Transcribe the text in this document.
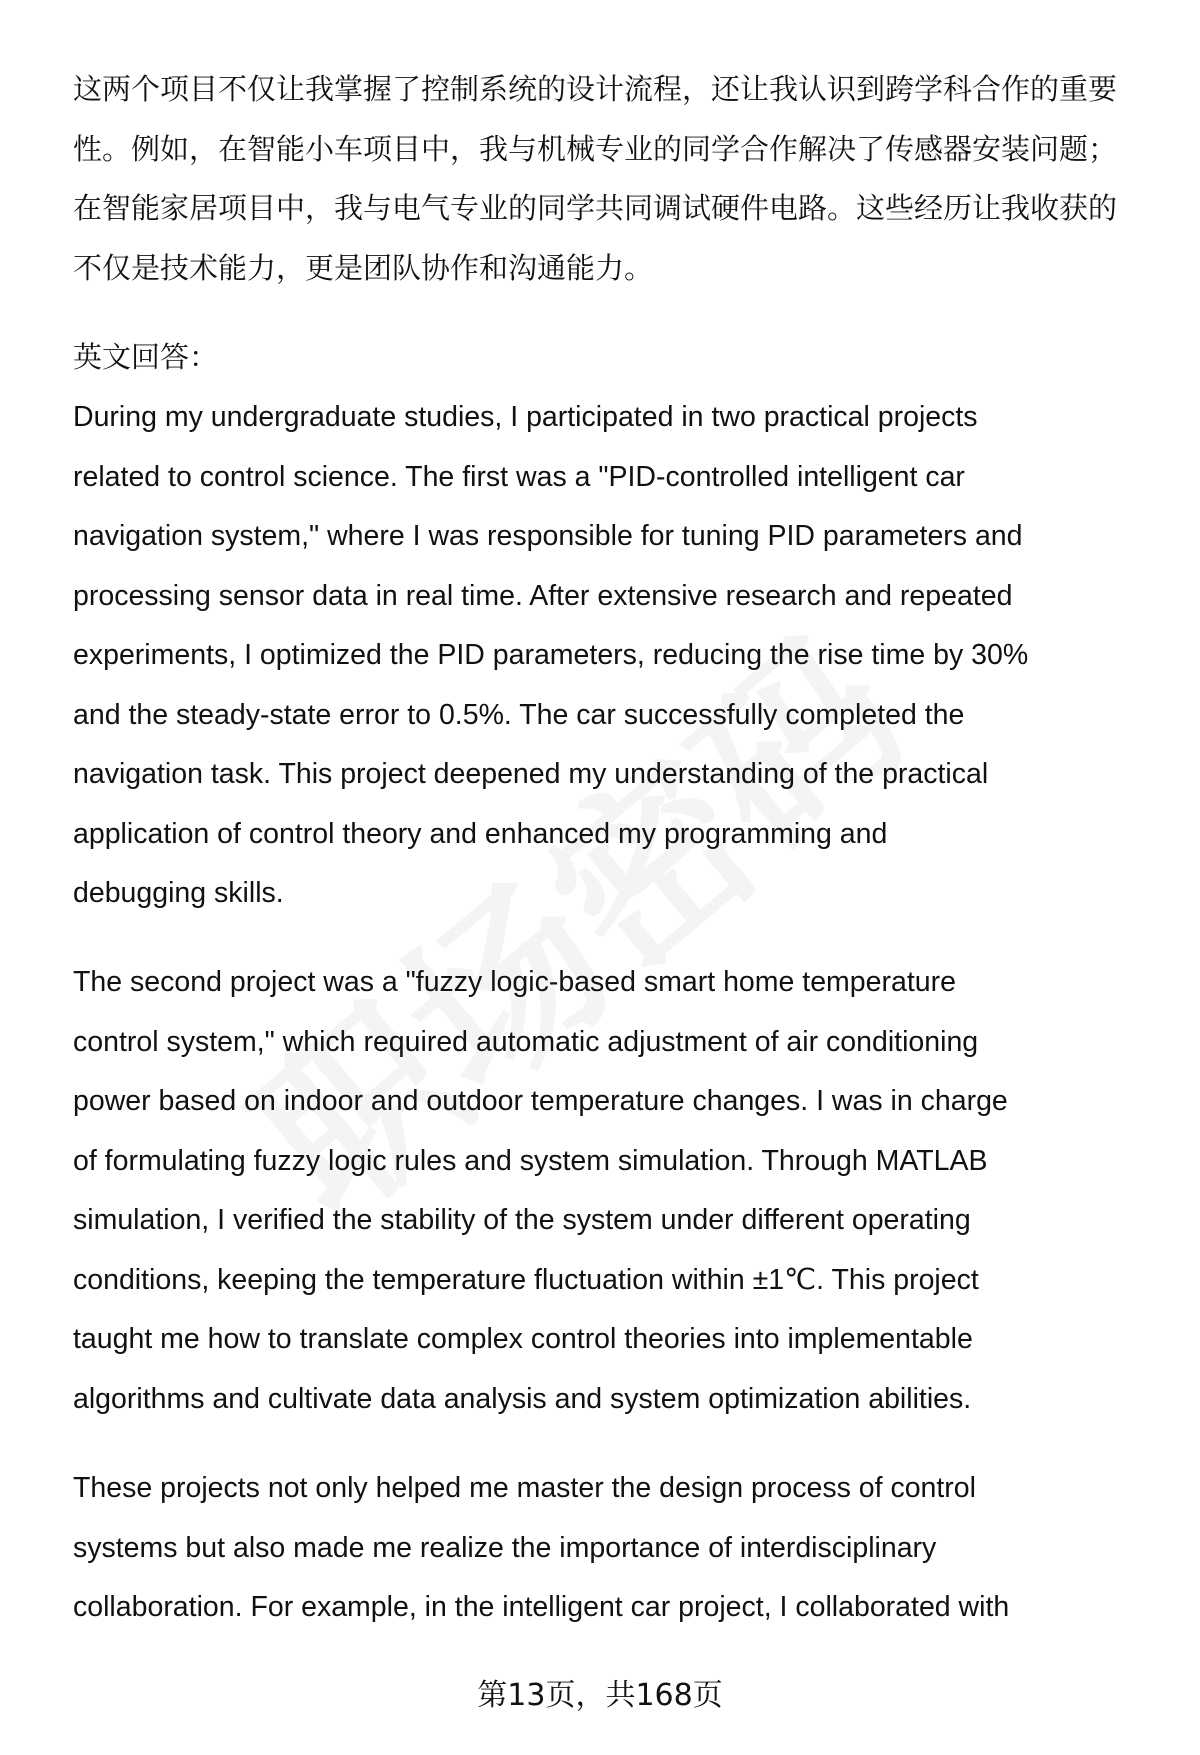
这两个项目不仅让我掌握了控制系统的设计流程，还让我认识到跨学科合作的重要
性。例如，在智能小车项目中，我与机械专业的同学合作解决了传感器安装问题；
在智能家居项目中，我与电气专业的同学共同调试硬件电路。这些经历让我收获的
不仅是技术能力，更是团队协作和沟通能力。
英文回答：
During my undergraduate studies, I participated in two practical projects
related to control science. The first was a "PID-controlled intelligent car
navigation system," where I was responsible for tuning PID parameters and
processing sensor data in real time. After extensive research and repeated
experiments, I optimized the PID parameters, reducing the rise time by 30%
and the steady-state error to 0.5%. The car successfully completed the
navigation task. This project deepened my understanding of the practical
application of control theory and enhanced my programming and
debugging skills.
The second project was a "fuzzy logic-based smart home temperature
control system," which required automatic adjustment of air conditioning
power based on indoor and outdoor temperature changes. I was in charge
of formulating fuzzy logic rules and system simulation. Through MATLAB
simulation, I verified the stability of the system under different operating
conditions, keeping the temperature fluctuation within ±1℃. This project
taught me how to translate complex control theories into implementable
algorithms and cultivate data analysis and system optimization abilities.
These projects not only helped me master the design process of control
systems but also made me realize the importance of interdisciplinary
collaboration. For example, in the intelligent car project, I collaborated with
第13页，共168页
